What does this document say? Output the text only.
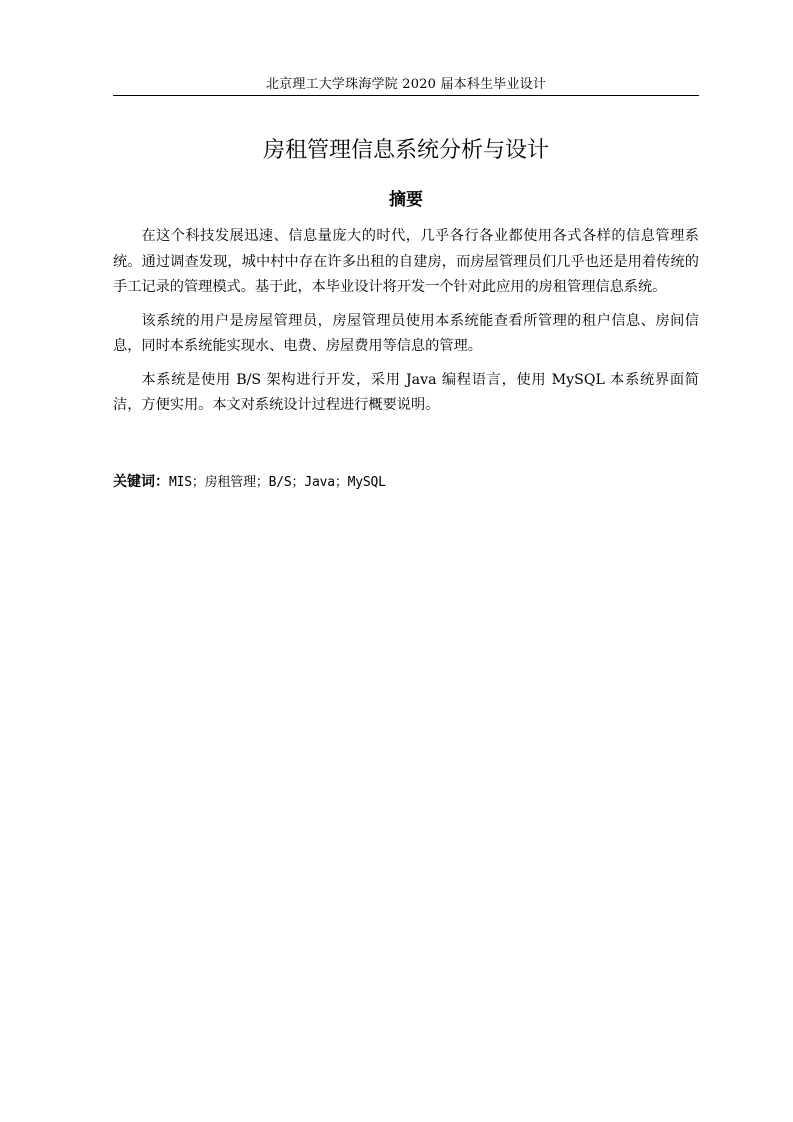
北京理工大学珠海学院 2020 届本科生毕业设计
房租管理信息系统分析与设计
摘要

在这个科技发展迅速、信息量庞大的时代，几乎各行各业都使用各式各样的信息管理系统。通过调查发现，城中村中存在许多出租的自建房，而房屋管理员们几乎也还是用着传统的手工记录的管理模式。基于此，本毕业设计将开发一个针对此应用的房租管理信息系统。

该系统的用户是房屋管理员，房屋管理员使用本系统能查看所管理的租户信息、房间信息，同时本系统能实现水、电费、房屋费用等信息的管理。

本系统是使用 B/S 架构进行开发，采用 Java 编程语言，使用 MySQL 本系统界面简洁，方便实用。本文对系统设计过程进行概要说明。

关键词：MIS；房租管理；B/S；Java；MySQL
